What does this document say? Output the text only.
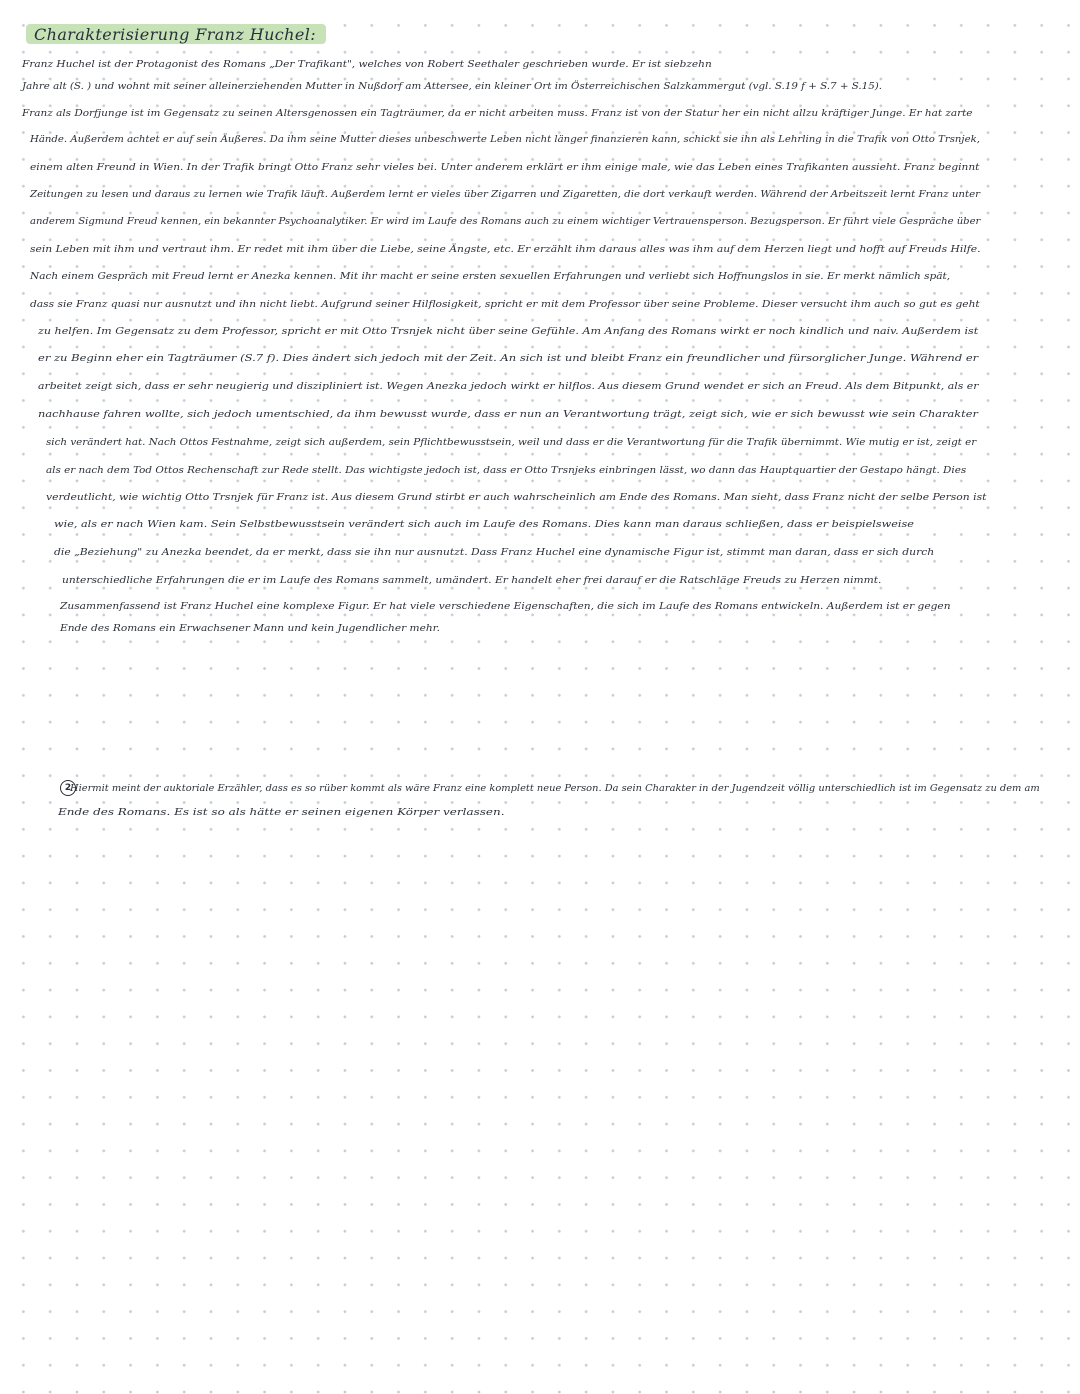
Charakterisierung Franz Huchel:
Franz Huchel ist der Protagonist des Romans „Der Trafikant", welches von Robert Seethaler geschrieben wurde. Er ist siebzehn
Jahre alt (S. ) und wohnt mit seiner alleinerziehenden Mutter in Nußdorf am Attersee, ein kleiner Ort im Österreichischen Salzkammergut (vgl. S.19 f + S.7 + S.15).
Franz als Dorfjunge ist im Gegensatz zu seinen Altersgenossen ein Tagträumer, da er nicht arbeiten muss. Franz ist von der Statur her ein nicht allzu kräftiger Junge. Er hat zarte
Hände. Außerdem achtet er auf sein Äußeres. Da ihm seine Mutter dieses unbeschwerte Leben nicht länger finanzieren kann, schickt sie ihn als Lehrling in die Trafik von Otto Trsnjek,
einem alten Freund in Wien. In der Trafik bringt Otto Franz sehr vieles bei. Unter anderem erklärt er ihm einige male, wie das Leben eines Trafikanten aussieht. Franz beginnt
Zeitungen zu lesen und daraus zu lernen wie Trafik läuft. Außerdem lernt er vieles über Zigarren und Zigaretten, die dort verkauft werden. Während der Arbeitszeit lernt Franz unter
anderem Sigmund Freud kennen, ein bekannter Psychoanalytiker. Er wird im Laufe des Romans auch zu einem wichtiger Vertrauensperson. Bezugsperson. Er führt viele Gespräche über
sein Leben mit ihm und vertraut ihm. Er redet mit ihm über die Liebe, seine Ängste, etc. Er erzählt ihm daraus alles was ihm auf dem Herzen liegt und hofft auf Freuds Hilfe.
Nach einem Gespräch mit Freud lernt er Anezka kennen. Mit ihr macht er seine ersten sexuellen Erfahrungen und verliebt sich Hoffnungslos in sie. Er merkt nämlich spät,
dass sie Franz quasi nur ausnutzt und ihn nicht liebt. Aufgrund seiner Hilflosigkeit, spricht er mit dem Professor über seine Probleme. Dieser versucht ihm auch so gut es geht
zu helfen. Im Gegensatz zu dem Professor, spricht er mit Otto Trsnjek nicht über seine Gefühle. Am Anfang des Romans wirkt er noch kindlich und naiv. Außerdem ist
er zu Beginn eher ein Tagträumer (S.7 f). Dies ändert sich jedoch mit der Zeit. An sich ist und bleibt Franz ein freundlicher und fürsorglicher Junge. Während er
arbeitet zeigt sich, dass er sehr neugierig und diszipliniert ist. Wegen Anezka jedoch wirkt er hilflos. Aus diesem Grund wendet er sich an Freud. Als dem Bitpunkt, als er
nachhause fahren wollte, sich jedoch umentschied, da ihm bewusst wurde, dass er nun an Verantwortung trägt, zeigt sich, wie er sich bewusst wie sein Charakter
sich verändert hat. Nach Ottos Festnahme, zeigt sich außerdem, sein Pflichtbewusstsein, weil und dass er die Verantwortung für die Trafik übernimmt. Wie mutig er ist, zeigt er
als er nach dem Tod Ottos Rechenschaft zur Rede stellt. Das wichtigste jedoch ist, dass er Otto Trsnjeks einbringen lässt, wo dann das Hauptquartier der Gestapo hängt. Dies
verdeutlicht, wie wichtig Otto Trsnjek für Franz ist. Aus diesem Grund stirbt er auch wahrscheinlich am Ende des Romans. Man sieht, dass Franz nicht der selbe Person ist
wie, als er nach Wien kam. Sein Selbstbewusstsein verändert sich auch im Laufe des Romans. Dies kann man daraus schließen, dass er beispielsweise
die „Beziehung" zu Anezka beendet, da er merkt, dass sie ihn nur ausnutzt. Dass Franz Huchel eine dynamische Figur ist, stimmt man daran, dass er sich durch
unterschiedliche Erfahrungen die er im Laufe des Romans sammelt, umändert. Er handelt eher frei darauf er die Ratschläge Freuds zu Herzen nimmt.
Zusammenfassend ist Franz Huchel eine komplexe Figur. Er hat viele verschiedene Eigenschaften, die sich im Laufe des Romans entwickeln. Außerdem ist er gegen
Ende des Romans ein Erwachsener Mann und kein Jugendlicher mehr.
2
Hiermit meint der auktoriale Erzähler, dass es so rüber kommt als wäre Franz eine komplett neue Person. Da sein Charakter in der Jugendzeit völlig unterschiedlich ist im Gegensatz zu dem am
Ende des Romans. Es ist so als hätte er seinen eigenen Körper verlassen.
